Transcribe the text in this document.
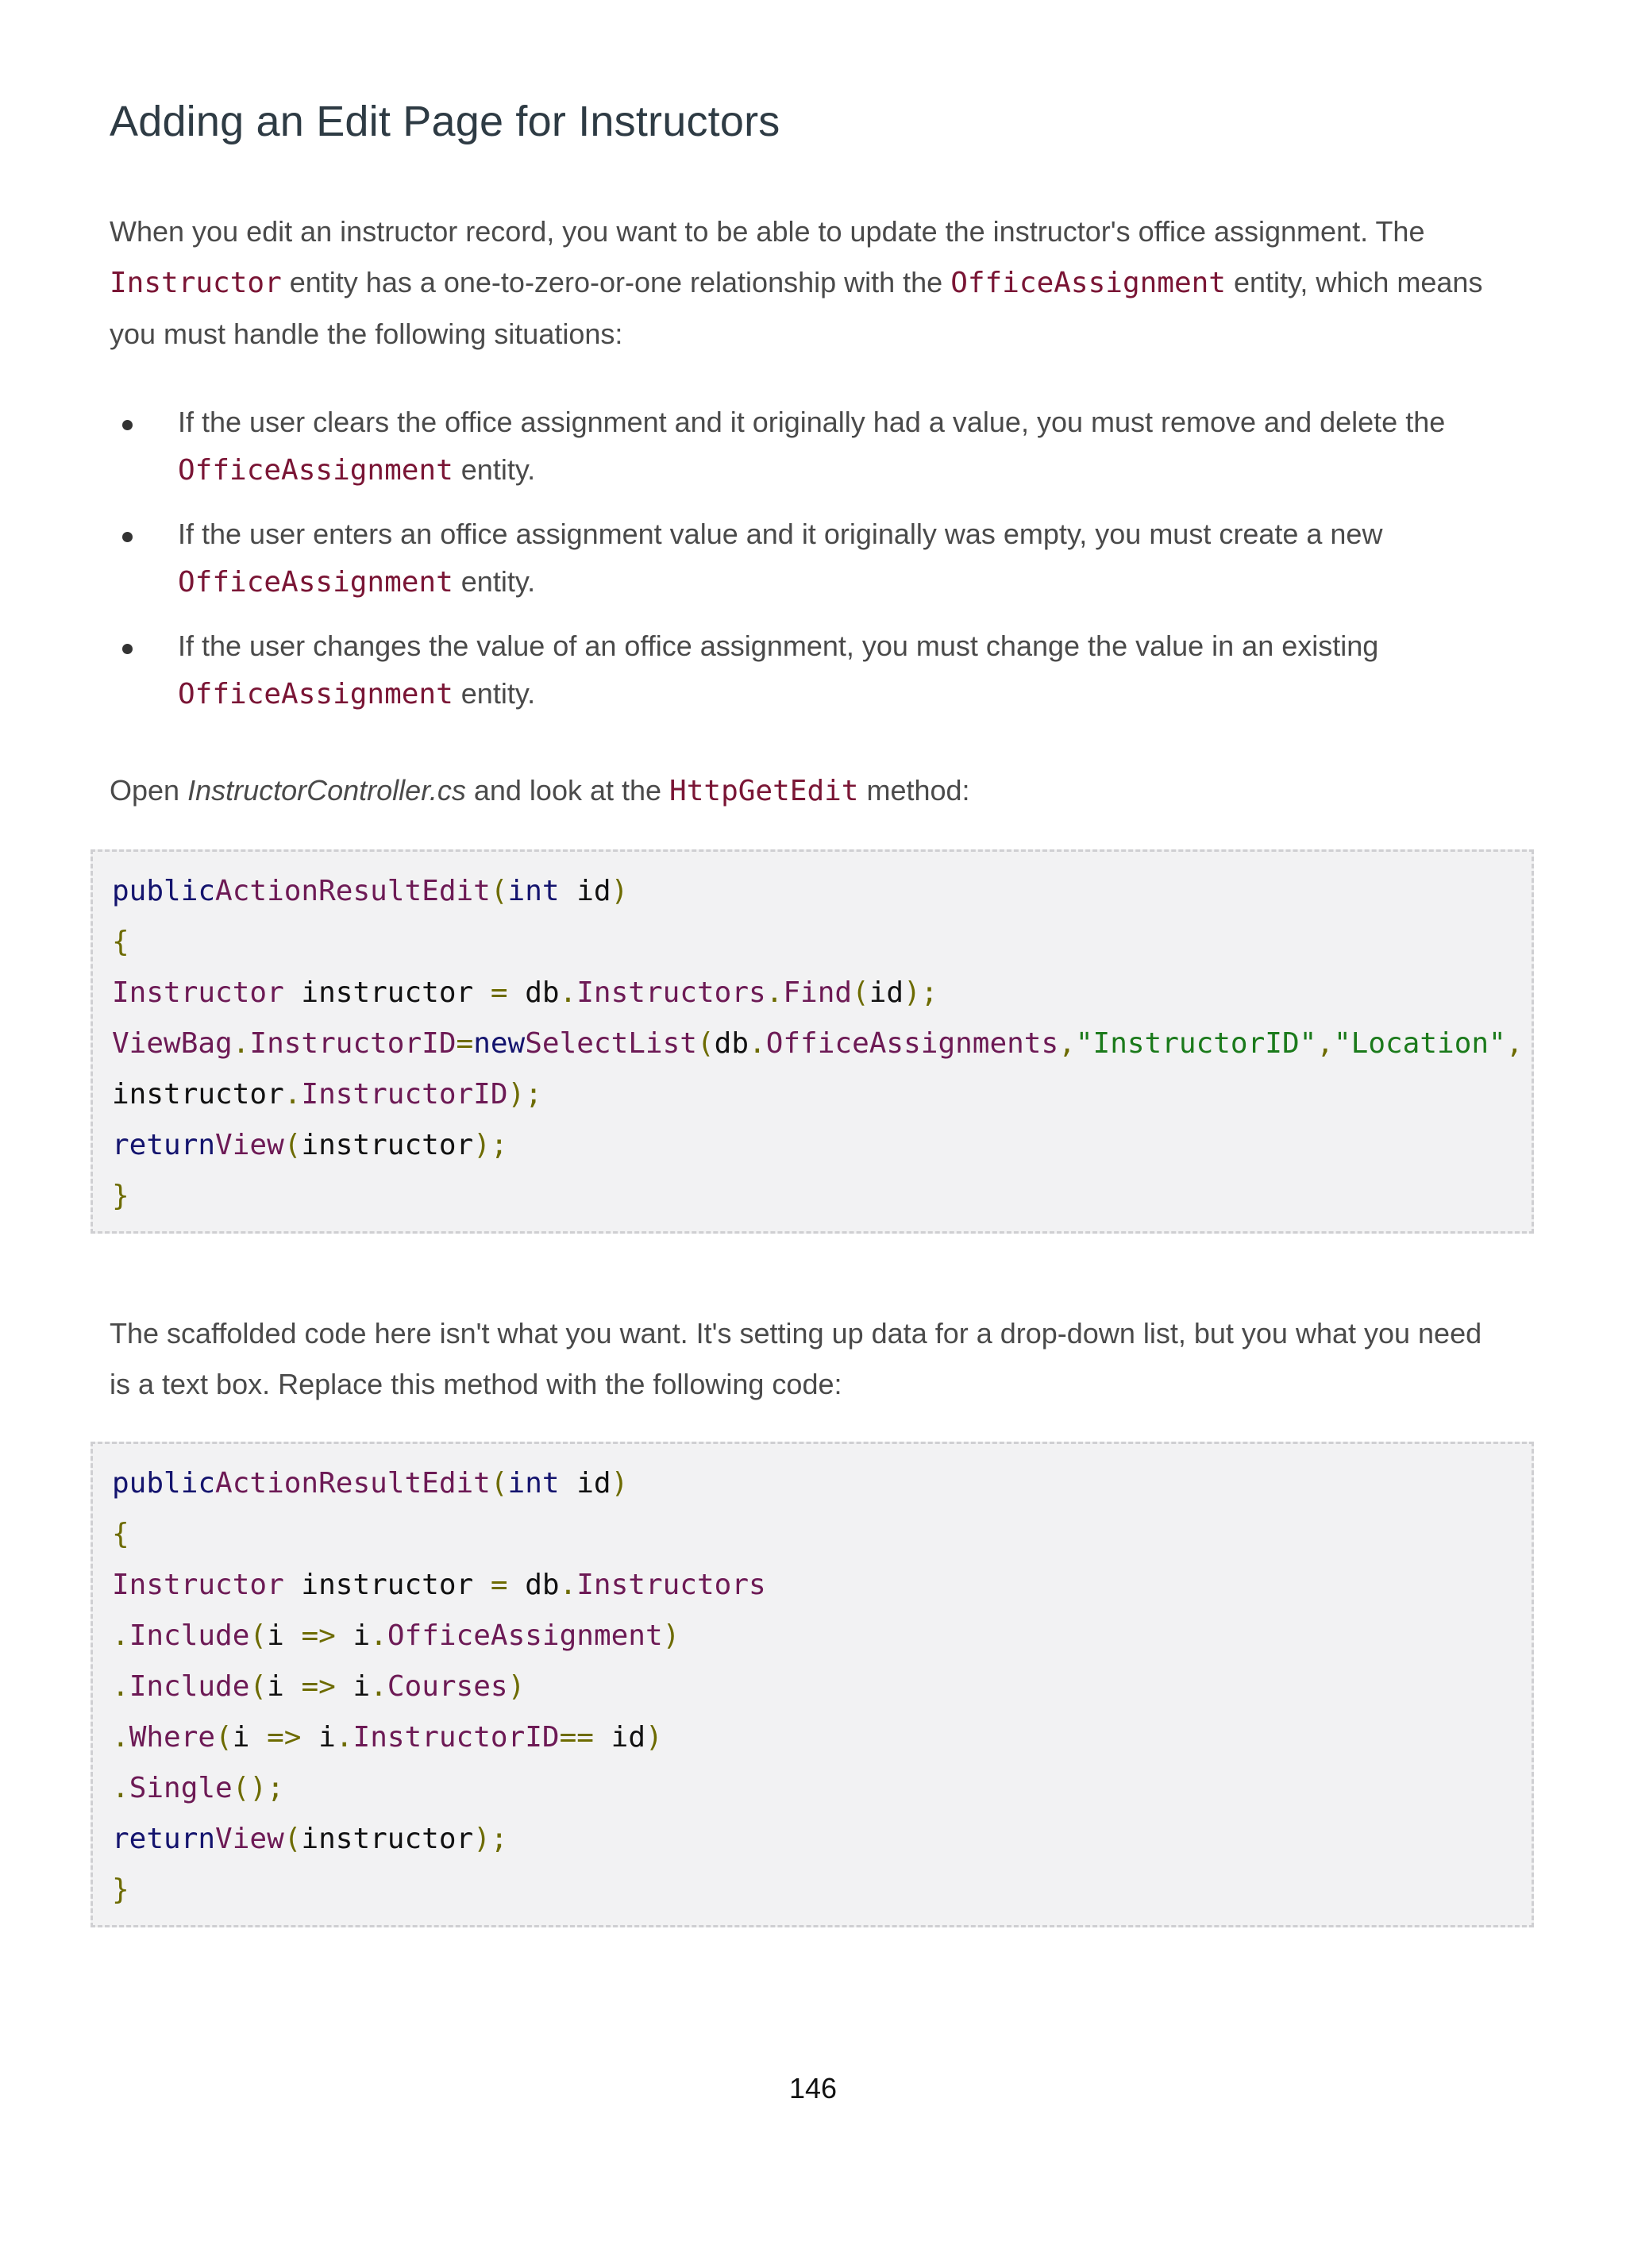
Adding an Edit Page for Instructors

When you edit an instructor record, you want to be able to update the instructor's office assignment. The
Instructor entity has a one-to-zero-or-one relationship with the OfficeAssignment entity, which means you must handle the following situations:

If the user clears the office assignment and it originally had a value, you must remove and delete the
OfficeAssignment entity.
If the user enters an office assignment value and it originally was empty, you must create a new
OfficeAssignment entity.
If the user changes the value of an office assignment, you must change the value in an existing
OfficeAssignment entity.

Open InstructorController.cs and look at the HttpGetEdit method:

publicActionResultEdit(int id)
{
Instructor instructor = db.Instructors.Find(id);
ViewBag.InstructorID=newSelectList(db.OfficeAssignments,"InstructorID","Location",
instructor.InstructorID);
returnView(instructor);
}

The scaffolded code here isn't what you want. It's setting up data for a drop-down list, but you what you need is a text box. Replace this method with the following code:

publicActionResultEdit(int id)
{
Instructor instructor = db.Instructors
.Include(i => i.OfficeAssignment)
.Include(i => i.Courses)
.Where(i => i.InstructorID== id)
.Single();
returnView(instructor);
}
146
